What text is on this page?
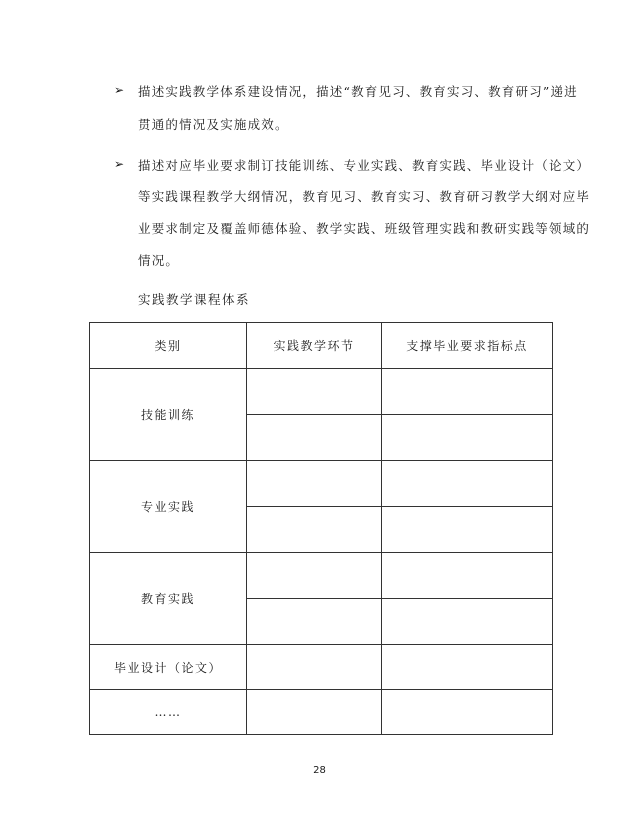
➢ 描述实践教学体系建设情况，描述“教育见习、教育实习、教育研习”递进
贯通的情况及实施成效。
➢ 描述对应毕业要求制订技能训练、专业实践、教育实践、毕业设计（论文）
等实践课程教学大纲情况，教育见习、教育实习、教育研习教学大纲对应毕
业要求制定及覆盖师德体验、教学实践、班级管理实践和教研实践等领域的
情况。
实践教学课程体系
类别	实践教学环节	支撑毕业要求指标点
技能训练		

专业实践		

教育实践		

毕业设计（论文）		
……		
28
